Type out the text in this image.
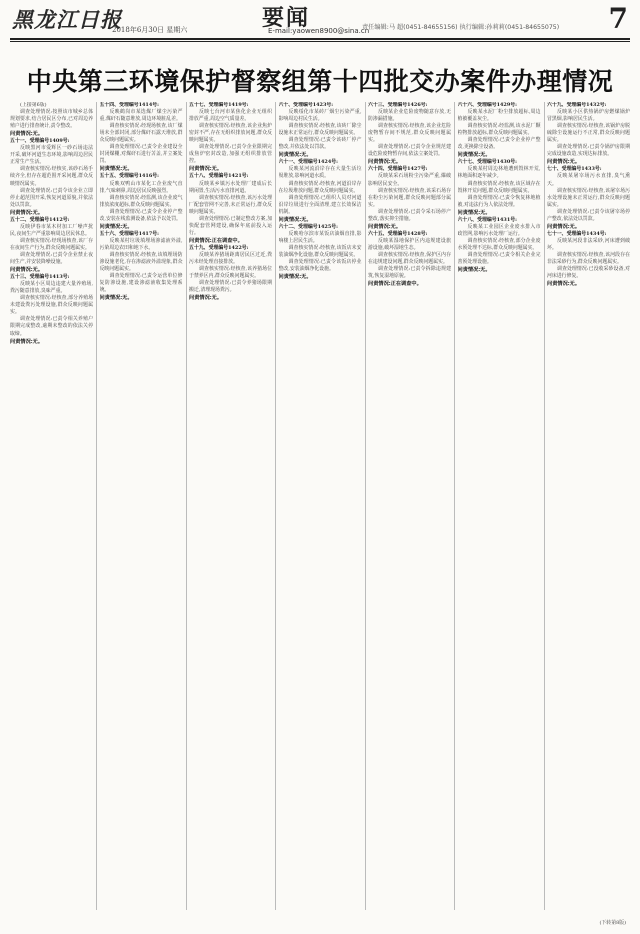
黑龙江日报
2018年6月30日 星期六	要闻
E-mail:yaowen8900@sina.cn
责任编辑:马 超(0451-84655156) 执行编辑:孙莉莉(0451-84655075) 7
中央第三环境保护督察组第十四批交办案件办理情况

(上接第6版)

调查处理情况:按照该市城乡总体规划要求,结合居民区分布,已对周边养殖户进行排查统计,责令整改。

问责情况:无。

五十一、受理编号1409号:

反映黑河市爱辉区一砂石场违法开采,破坏河道生态环境,影响周边居民正常生产生活。

调查核实情况:经核实,该砂石场手续齐全,但存在超范围开采问题,群众反映情况属实。

调查处理情况:已责令该企业立即停止超范围开采,恢复河道原貌,并依法处以罚款。

问责情况:无。

五十二、受理编号1412号:

反映伊春市某木材加工厂噪声扰民,夜间生产严重影响周边居民休息。

调查核实情况:经现场核查,该厂存在夜间生产行为,群众反映问题属实。

调查处理情况:已责令企业禁止夜间生产,并安装降噪设施。

问责情况:无。

五十三、受理编号1413号:

反映某小区周边违建大量养殖场,粪污随意排放,臭味严重。

调查核实情况:经核查,部分养殖场未建设粪污处理设施,群众反映问题属实。

调查处理情况:已责令相关养殖户限期完成整改,逾期未整改的依法关停取缔。

问责情况:无。

五十四、受理编号1414号:

反映鹤岗市某选煤厂煤尘污染严重,煤矸石随意堆放,周边环境脏乱差。

调查核实情况:经现场核查,该厂煤场未全部封闭,部分煤矸石露天堆放,群众反映问题属实。

调查处理情况:已责令企业建设全封闭煤棚,对煤矸石进行苫盖,并立案处罚。

问责情况:无。

五十五、受理编号1416号:

反映双鸭山市某化工企业废气直排,气味刺鼻,周边居民反映强烈。

调查核实情况:经监测,该企业废气排放浓度超标,群众反映问题属实。

调查处理情况:已责令企业停产整改,安装在线监测设备,依法予以处罚。

问责情况:无。

五十六、受理编号1417号:

反映某村垃圾填埋场渗滤液外溢,污染周边农田和地下水。

调查核实情况:经核查,该填埋场防渗设施老化,存在渗滤液外溢现象,群众反映问题属实。

调查处理情况:已责令运营单位修复防渗设施,建设渗滤液收集处理系统。

问责情况:无。

五十七、受理编号1419号:

反映七台河市某焦化企业无组织排放严重,周边空气质量差。

调查核实情况:经核查,该企业焦炉密封不严,存在无组织排放问题,群众反映问题属实。

调查处理情况:已责令企业限期完成焦炉密封改造,加强无组织排放管控。

问责情况:无。

五十八、受理编号1421号:

反映某乡镇污水处理厂建成后长期闲置,生活污水直排河道。

调查核实情况:经核查,该污水处理厂配套管网不完善,未正常运行,群众反映问题属实。

调查处理情况:已制定整改方案,加快配套管网建设,确保年底前投入运行。

问责情况:正在调查中。

五十九、受理编号1422号:

反映某养猪场距离居民区过近,粪污未经处理直接排放。

调查核实情况:经核查,该养猪场位于禁养区内,群众反映问题属实。

调查处理情况:已责令养猪场限期搬迁,清理现场粪污。

问责情况:无。

六十、受理编号1423号:

反映绥化市某砖厂烟尘污染严重,影响周边村民生活。

调查核实情况:经核查,该砖厂除尘设施未正常运行,群众反映问题属实。

调查处理情况:已责令该砖厂停产整改,并依法处以罚款。

问责情况:无。

六十一、受理编号1424号:

反映某河流沿岸存在大量生活垃圾堆放,影响河道水质。

调查核实情况:经核查,河道沿岸存在垃圾堆放问题,群众反映问题属实。

调查处理情况:已组织人员对河道沿岸垃圾进行全面清理,建立长效保洁机制。

问责情况:无。

六十二、受理编号1425号:

反映哈尔滨市某饭店油烟直排,影响楼上居民生活。

调查核实情况:经核查,该饭店未安装油烟净化设施,群众反映问题属实。

调查处理情况:已责令该饭店停业整改,安装油烟净化设施。

问责情况:无。

六十三、受理编号1426号:

反映某企业危险废物随意存放,无防渗漏措施。

调查核实情况:经核查,该企业危险废物暂存间不规范,群众反映问题属实。

调查处理情况:已责令企业规范建设危险废物暂存间,依法立案处罚。

问责情况:无。

六十四、受理编号1427号:

反映某采石场粉尘污染严重,爆破影响居民安全。

调查核实情况:经核查,该采石场存在粉尘污染问题,群众反映问题部分属实。

调查处理情况:已责令采石场停产整改,落实抑尘措施。

问责情况:无。

六十五、受理编号1428号:

反映某湿地保护区内违规建设旅游设施,破坏湿地生态。

调查核实情况:经核查,保护区内存在违规建设问题,群众反映问题属实。

调查处理情况:已责令拆除违规建筑,恢复湿地原貌。

问责情况:正在调查中。

六十六、受理编号1429号:

反映某水泥厂粉尘排放超标,周边植被覆盖灰尘。

调查核实情况:经监测,该水泥厂颗粒物排放超标,群众反映问题属实。

调查处理情况:已责令企业停产整改,更换除尘设备。

问责情况:无。

六十七、受理编号1430号:

反映某村周边林地遭到毁林开荒,林地面积逐年减少。

调查核实情况:经核查,该区域存在毁林开荒问题,群众反映问题属实。

调查处理情况:已责令恢复林地植被,对违法行为人依法处理。

问责情况:无。

六十八、受理编号1431号:

反映某工业园区企业废水排入市政管网,影响污水处理厂运行。

调查核实情况:经核查,部分企业废水预处理不达标,群众反映问题属实。

调查处理情况:已责令相关企业完善预处理设施。

问责情况:无。

六十九、受理编号1432号:

反映某小区供热锅炉房燃煤锅炉冒黑烟,影响居民生活。

调查核实情况:经核查,该锅炉房脱硫除尘设施运行不正常,群众反映问题属实。

调查处理情况:已责令锅炉房限期完成设施改造,实现达标排放。

问责情况:无。

七十、受理编号1433号:

反映某屠宰场污水直排,臭气熏天。

调查核实情况:经核查,该屠宰场污水处理设施未正常运行,群众反映问题属实。

调查处理情况:已责令该屠宰场停产整改,依法处以罚款。

问责情况:无。

七十一、受理编号1434号:

反映某河段非法采砂,河床遭到破坏。

调查核实情况:经核查,该河段存在非法采砂行为,群众反映问题属实。

调查处理情况:已没收采砂设备,对河床进行修复。

问责情况:无。

(下转第8版)
